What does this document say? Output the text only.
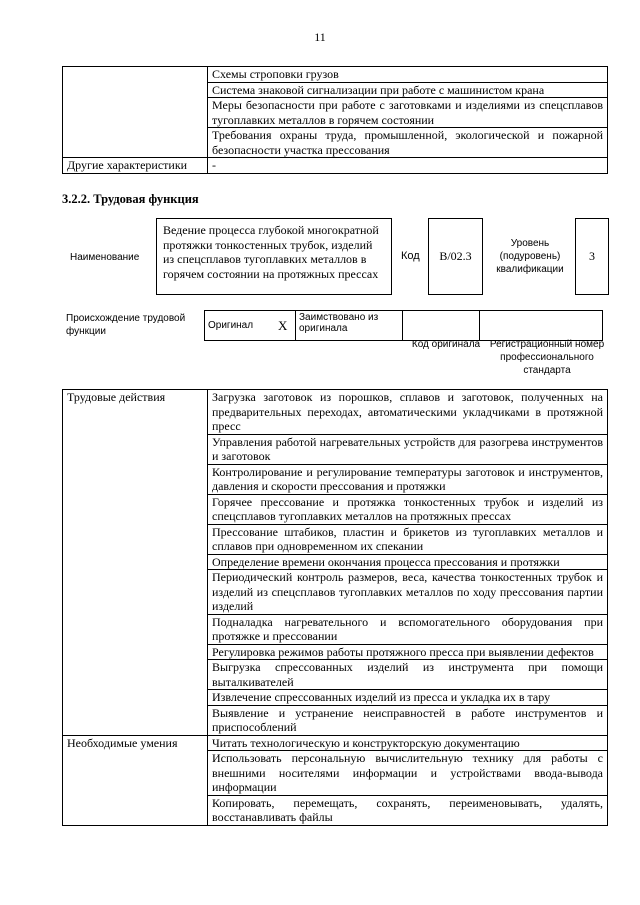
11
	Схемы строповки грузов
	Система знаковой сигнализации при работе с машинистом крана
	Меры безопасности при работе с заготовками и изделиями из спецсплавов тугоплавких металлов в горячем состоянии
	Требования охраны труда, промышленной, экологической и пожарной безопасности участка прессования
Другие характеристики	-
3.2.2. Трудовая функция
Наименование
Ведение процесса глубокой многократной протяжки тонкостенных трубок, изделий из спецсплавов тугоплавких металлов в горячем состоянии на протяжных прессах
Код	B/02.3
Уровень (подуровень) квалификации
3
Происхождение трудовой функции
Оригинал	X	Заимствовано из оригинала		
Код оригинала Регистрационный номер профессионального стандарта
Трудовые действия	Загрузка заготовок из порошков, сплавов и заготовок, полученных на предварительных переходах, автоматическими укладчиками в протяжной пресс
	Управления работой нагревательных устройств для разогрева инструментов и заготовок
	Контролирование и регулирование температуры заготовок и инструментов, давления и скорости прессования и протяжки
	Горячее прессование и протяжка тонкостенных трубок и изделий из спецсплавов тугоплавких металлов на протяжных прессах
	Прессование штабиков, пластин и брикетов из тугоплавких металлов и сплавов при одновременном их спекании
	Определение времени окончания процесса прессования и протяжки
	Периодический контроль размеров, веса, качества тонкостенных трубок и изделий из спецсплавов тугоплавких металлов по ходу прессования партии изделий
	Подналадка нагревательного и вспомогательного оборудования при протяжке и прессовании
	Регулировка режимов работы протяжного пресса при выявлении дефектов
	Выгрузка спрессованных изделий из инструмента при помощи выталкивателей
	Извлечение спрессованных изделий из пресса и укладка их в тару
	Выявление и устранение неисправностей в работе инструментов и приспособлений
Необходимые умения	Читать технологическую и конструкторскую документацию
	Использовать персональную вычислительную технику для работы с внешними носителями информации и устройствами ввода-вывода информации
	Копировать, перемещать, сохранять, переименовывать, удалять, восстанавливать файлы
